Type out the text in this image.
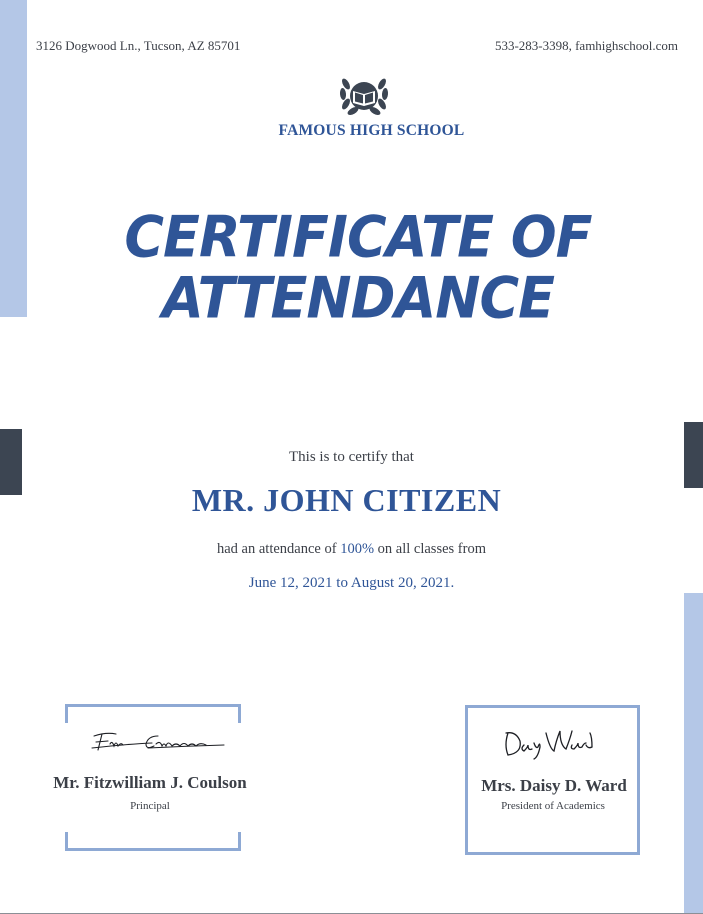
3126 Dogwood Ln., Tucson, AZ 85701	533-283-3398, famhighschool.com
FAMOUS HIGH SCHOOL
CERTIFICATE OF
ATTENDANCE
This is to certify that
MR. JOHN CITIZEN
had an attendance of 100% on all classes from
June 12, 2021 to August 20, 2021.
Mr. Fitzwilliam J. Coulson
Principal
Mrs. Daisy D. Ward
President of Academics
